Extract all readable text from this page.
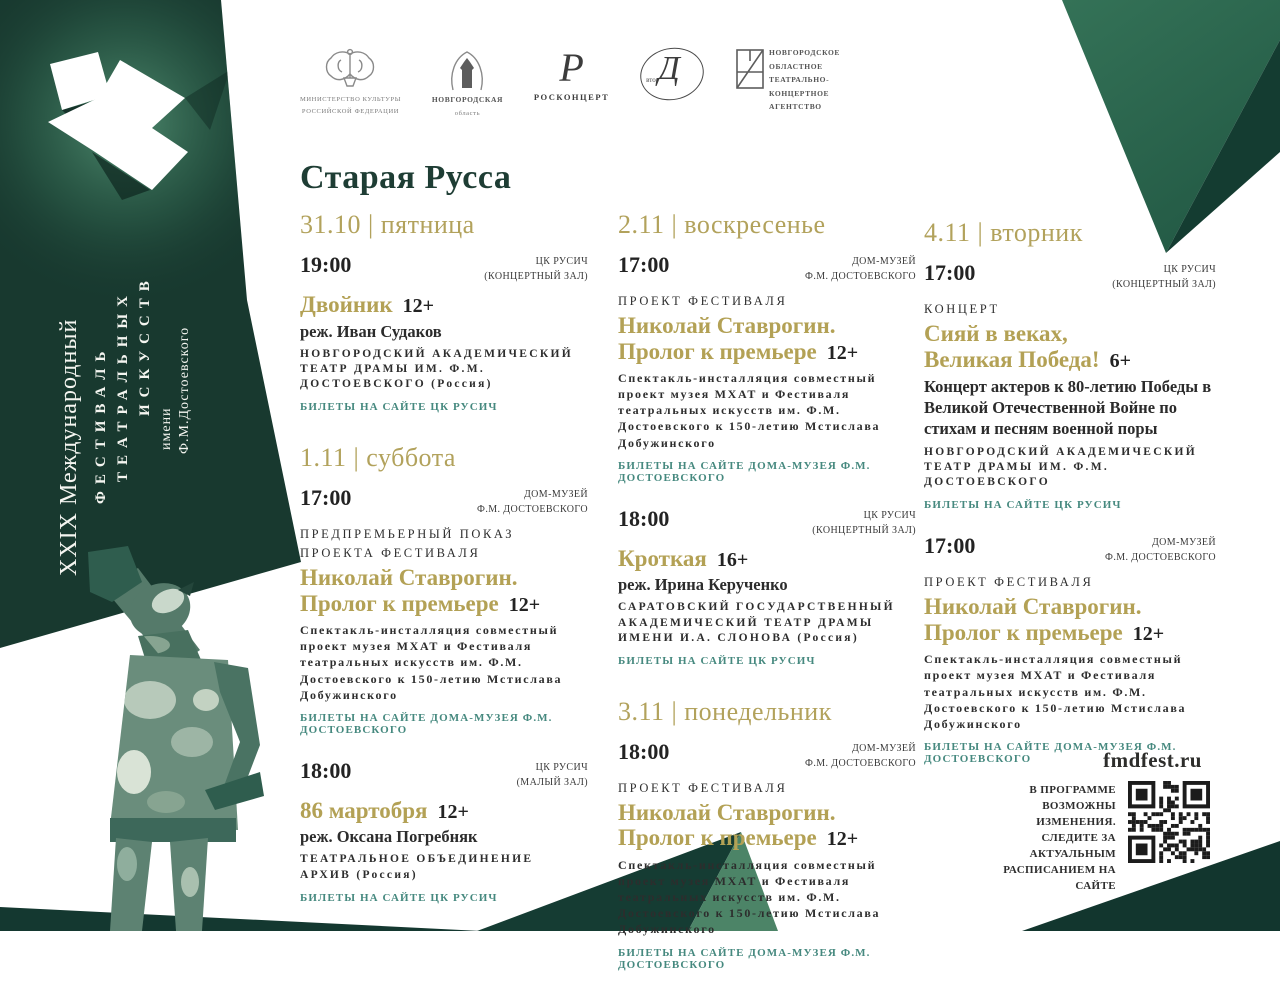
XXIX Международный ФЕСТИВАЛЬ ТЕАТРАЛЬНЫХ ИСКУССТВ
имени Ф.М.Достоевского
МИНИСТЕРСТВО КУЛЬТУРЫ
РОССИЙСКОЙ ФЕДЕРАЦИИ
НОВГОРОДСКАЯ
область
Р
РОСКОНЦЕРТ
Д
вто
НОВГОРОДСКОЕ
ОБЛАСТНОЕ
ТЕАТРАЛЬНО-
КОНЦЕРТНОЕ
АГЕНТСТВО
Старая Русса
31.10 | пятница
19:00	ЦК РУСИЧ
(КОНЦЕРТНЫЙ ЗАЛ)
Двойник 12+
реж. Иван Судаков
НОВГОРОДСКИЙ АКАДЕМИЧЕСКИЙ ТЕАТР ДРАМЫ ИМ. Ф.М. ДОСТОЕВСКОГО (Россия)
БИЛЕТЫ НА САЙТЕ ЦК РУСИЧ
1.11 | суббота
17:00	ДОМ-МУЗЕЙ
Ф.М. ДОСТОЕВСКОГО
ПРЕДПРЕМЬЕРНЫЙ ПОКАЗ ПРОЕКТА ФЕСТИВАЛЯ
Николай Ставрогин.
Пролог к премьере 12+
Спектакль-инсталляция совместный проект музея МХАТ и Фестиваля театральных искусств им. Ф.М. Достоевского к 150-летию Мстислава Добужинского
БИЛЕТЫ НА САЙТЕ ДОМА-МУЗЕЯ Ф.М. ДОСТОЕВСКОГО
18:00	ЦК РУСИЧ
(МАЛЫЙ ЗАЛ)
86 мартобря 12+
реж. Оксана Погребняк
ТЕАТРАЛЬНОЕ ОБЪЕДИНЕНИЕ АРХИВ (Россия)
БИЛЕТЫ НА САЙТЕ ЦК РУСИЧ
2.11 | воскресенье
17:00	ДОМ-МУЗЕЙ
Ф.М. ДОСТОЕВСКОГО
ПРОЕКТ ФЕСТИВАЛЯ
Николай Ставрогин.
Пролог к премьере 12+
Спектакль-инсталляция совместный проект музея МХАТ и Фестиваля театральных искусств им. Ф.М. Достоевского к 150-летию Мстислава Добужинского
БИЛЕТЫ НА САЙТЕ ДОМА-МУЗЕЯ Ф.М. ДОСТОЕВСКОГО
18:00	ЦК РУСИЧ
(КОНЦЕРТНЫЙ ЗАЛ)
Кроткая 16+
реж. Ирина Керученко
САРАТОВСКИЙ ГОСУДАРСТВЕННЫЙ АКАДЕМИЧЕСКИЙ ТЕАТР ДРАМЫ ИМЕНИ И.А. СЛОНОВА (Россия)
БИЛЕТЫ НА САЙТЕ ЦК РУСИЧ
3.11 | понедельник
18:00	ДОМ-МУЗЕЙ
Ф.М. ДОСТОЕВСКОГО
ПРОЕКТ ФЕСТИВАЛЯ
Николай Ставрогин.
Пролог к премьере 12+
Спектакль-инсталляция совместный проект музея МХАТ и Фестиваля театральных искусств им. Ф.М. Достоевского к 150-летию Мстислава Добужинского
БИЛЕТЫ НА САЙТЕ ДОМА-МУЗЕЯ Ф.М. ДОСТОЕВСКОГО
4.11 | вторник
17:00	ЦК РУСИЧ
(КОНЦЕРТНЫЙ ЗАЛ)
КОНЦЕРТ
Сияй в веках,
Великая Победа! 6+
Концерт актеров к 80-летию Победы в Великой Отечественной Войне по стихам и песням военной поры
НОВГОРОДСКИЙ АКАДЕМИЧЕСКИЙ ТЕАТР ДРАМЫ ИМ. Ф.М. ДОСТОЕВСКОГО
БИЛЕТЫ НА САЙТЕ ЦК РУСИЧ
17:00	ДОМ-МУЗЕЙ
Ф.М. ДОСТОЕВСКОГО
ПРОЕКТ ФЕСТИВАЛЯ
Николай Ставрогин.
Пролог к премьере 12+
Спектакль-инсталляция совместный проект музея МХАТ и Фестиваля театральных искусств им. Ф.М. Достоевского к 150-летию Мстислава Добужинского
БИЛЕТЫ НА САЙТЕ ДОМА-МУЗЕЯ Ф.М. ДОСТОЕВСКОГО	fmdfest.ru
В ПРОГРАММЕ ВОЗМОЖНЫ ИЗМЕНЕНИЯ. СЛЕДИТЕ ЗА АКТУАЛЬНЫМ РАСПИСАНИЕМ НА САЙТЕ
